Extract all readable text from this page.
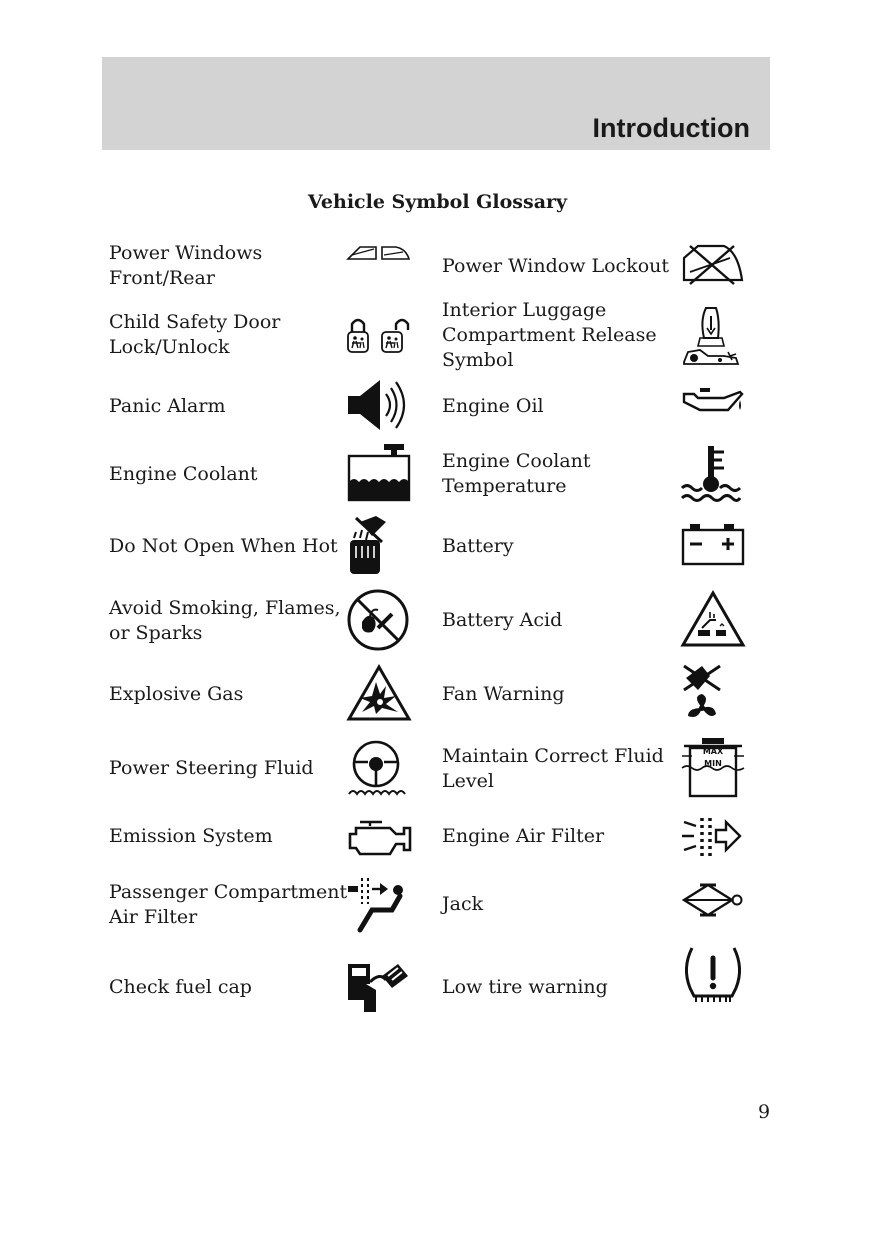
Introduction
Vehicle Symbol Glossary
Power Windows
Front/Rear
Child Safety Door
Lock/Unlock
Panic Alarm
Engine Coolant
Do Not Open When Hot
Avoid Smoking, Flames,
or Sparks
Explosive Gas
Power Steering Fluid
Emission System
Passenger Compartment
Air Filter
Check fuel cap
Power Window Lockout
Interior Luggage
Compartment Release
Symbol
Engine Oil
Engine Coolant
Temperature
Battery
Battery Acid
Fan Warning
Maintain Correct Fluid
Level
Engine Air Filter
Jack
Low tire warning
MAX
MIN
9
